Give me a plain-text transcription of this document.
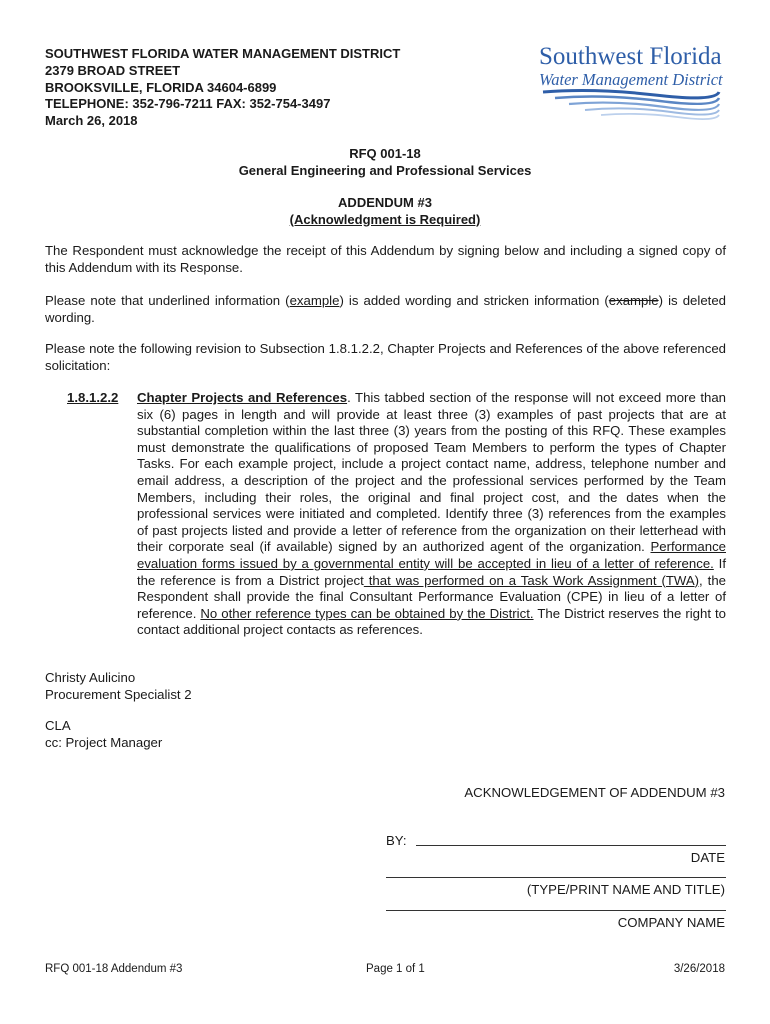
SOUTHWEST FLORIDA WATER MANAGEMENT DISTRICT
2379 BROAD STREET
BROOKSVILLE, FLORIDA 34604-6899
TELEPHONE: 352-796-7211 FAX: 352-754-3497
March 26, 2018
Southwest Florida
Water Management District
RFQ 001-18
General Engineering and Professional Services
ADDENDUM #3
(Acknowledgment is Required)
The Respondent must acknowledge the receipt of this Addendum by signing below and including a signed copy of this Addendum with its Response.
Please note that underlined information (example) is added wording and stricken information (example) is deleted wording.
Please note the following revision to Subsection 1.8.1.2.2, Chapter Projects and References of the above referenced solicitation:
1.8.1.2.2 Chapter Projects and References. This tabbed section of the response will not exceed more than six (6) pages in length and will provide at least three (3) examples of past projects that are at substantial completion within the last three (3) years from the posting of this RFQ. These examples must demonstrate the qualifications of proposed Team Members to perform the types of Chapter Tasks. For each example project, include a project contact name, address, telephone number and email address, a description of the project and the professional services performed by the Team Members, including their roles, the original and final project cost, and the dates when the professional services were initiated and completed. Identify three (3) references from the examples of past projects listed and provide a letter of reference from the organization on their letterhead with their corporate seal (if available) signed by an authorized agent of the organization. Performance evaluation forms issued by a governmental entity will be accepted in lieu of a letter of reference. If the reference is from a District project that was performed on a Task Work Assignment (TWA), the Respondent shall provide the final Consultant Performance Evaluation (CPE) in lieu of a letter of reference. No other reference types can be obtained by the District. The District reserves the right to contact additional project contacts as references.
Christy Aulicino
Procurement Specialist 2
CLA
cc: Project Manager
ACKNOWLEDGEMENT OF ADDENDUM #3
BY:
DATE
(TYPE/PRINT NAME AND TITLE)
COMPANY NAME
RFQ 001-18 Addendum #3	Page 1 of 1	3/26/2018
